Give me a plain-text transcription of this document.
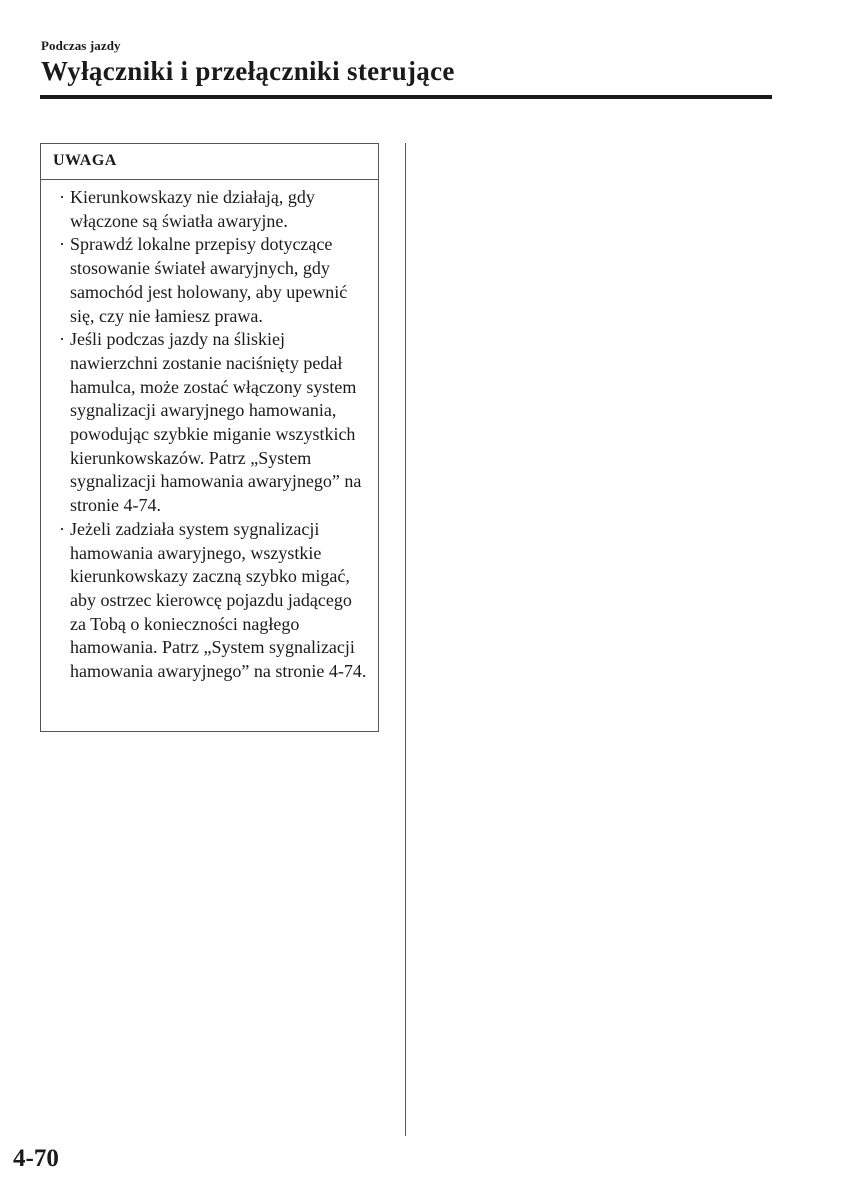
Podczas jazdy
Wyłączniki i przełączniki sterujące
UWAGA
· Kierunkowskazy nie działają, gdy włączone są światła awaryjne.
· Sprawdź lokalne przepisy dotyczące stosowanie świateł awaryjnych, gdy samochód jest holowany, aby upewnić się, czy nie łamiesz prawa.
· Jeśli podczas jazdy na śliskiej nawierzchni zostanie naciśnięty pedał hamulca, może zostać włączony system sygnalizacji awaryjnego hamowania, powodując szybkie miganie wszystkich kierunkowskazów. Patrz „System sygnalizacji hamowania awaryjnego” na stronie 4-74.
· Jeżeli zadziała system sygnalizacji hamowania awaryjnego, wszystkie kierunkowskazy zaczną szybko migać, aby ostrzec kierowcę pojazdu jadącego za Tobą o konieczności nagłego hamowania. Patrz „System sygnalizacji hamowania awaryjnego” na stronie 4-74.
4-70
